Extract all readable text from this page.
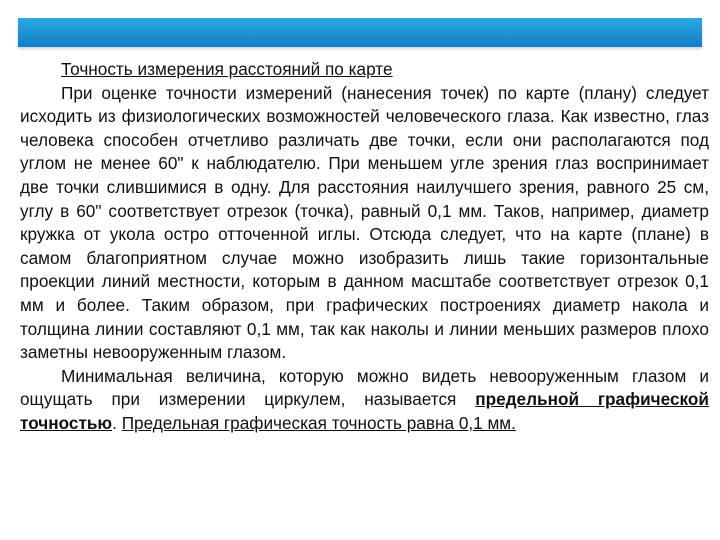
Точность измерения расстояний по карте

При оценке точности измерений (нанесения точек) по карте (плану) следует исходить из физиологических возможностей человеческого глаза. Как известно, глаз человека способен отчетливо различать две точки, если они располагаются под углом не менее 60" к наблюдателю. При меньшем угле зрения глаз воспринимает две точки слившимися в одну. Для расстояния наилучшего зрения, равного 25 см, углу в 60" соответствует отрезок (точка), равный 0,1 мм. Таков, например, диаметр кружка от укола остро отточенной иглы. Отсюда следует, что на карте (плане) в самом благоприятном случае можно изобразить лишь такие горизонтальные проекции линий местности, которым в данном масштабе соответствует отрезок 0,1 мм и более. Таким образом, при графических построениях диаметр накола и толщина линии составляют 0,1 мм, так как наколы и линии меньших размеров плохо заметны невооруженным глазом.

Минимальная величина, которую можно видеть невооруженным глазом и ощущать при измерении циркулем, называется предельной графической точностью. Предельная графическая точность равна 0,1 мм.
